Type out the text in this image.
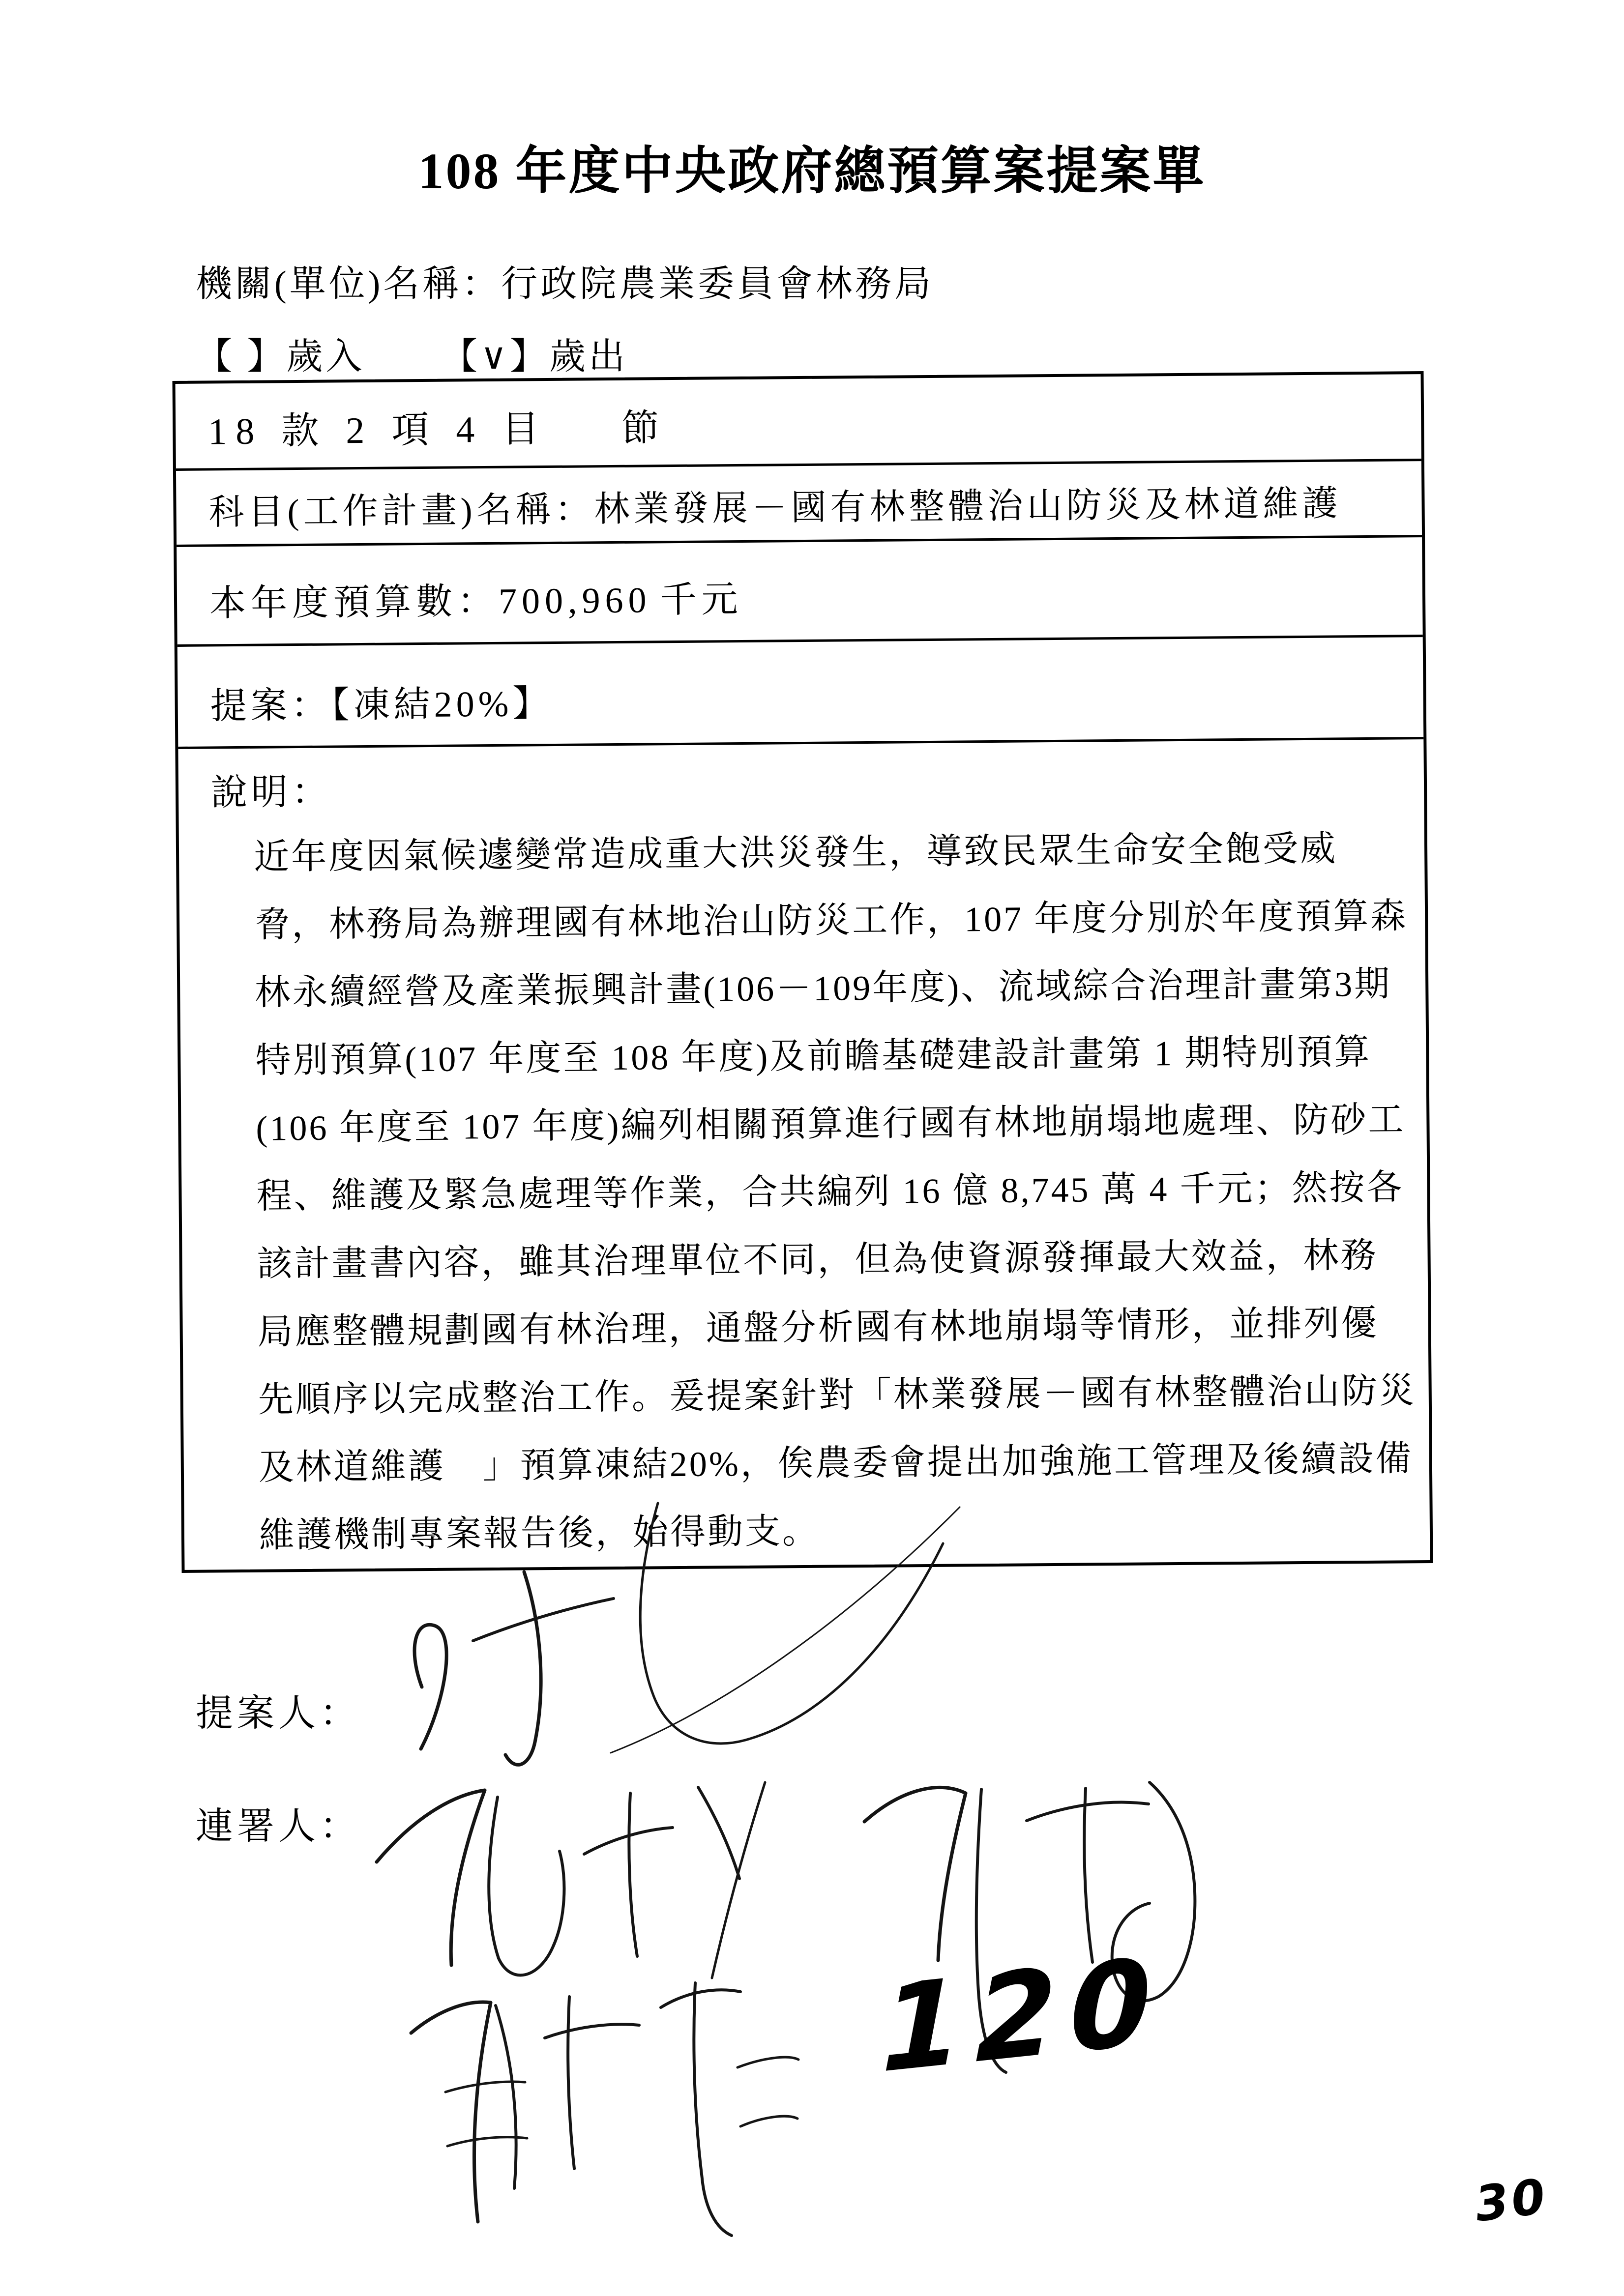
108 年度中央政府總預算案提案單
機關(單位)名稱：行政院農業委員會林務局
【 】歲入 【∨】歲出
18 款 2 項 4 目 節
科目(工作計畫)名稱：林業發展－國有林整體治山防災及林道維護
本年度預算數：700,960 千元
提案：【凍結20%】
說明：
近年度因氣候遽變常造成重大洪災發生，導致民眾生命安全飽受威
脅，林務局為辦理國有林地治山防災工作，107 年度分別於年度預算森
林永續經營及產業振興計畫(106－109年度)、流域綜合治理計畫第3期
特別預算(107 年度至 108 年度)及前瞻基礎建設計畫第 1 期特別預算
(106 年度至 107 年度)編列相關預算進行國有林地崩塌地處理、防砂工
程、維護及緊急處理等作業，合共編列 16 億 8,745 萬 4 千元；然按各
該計畫書內容，雖其治理單位不同，但為使資源發揮最大效益，林務
局應整體規劃國有林治理，通盤分析國有林地崩塌等情形，並排列優
先順序以完成整治工作。爰提案針對「林業發展－國有林整體治山防災
及林道維護　」預算凍結20%，俟農委會提出加強施工管理及後續設備
維護機制專案報告後，始得動支。
提案人：
連署人：
120
30
